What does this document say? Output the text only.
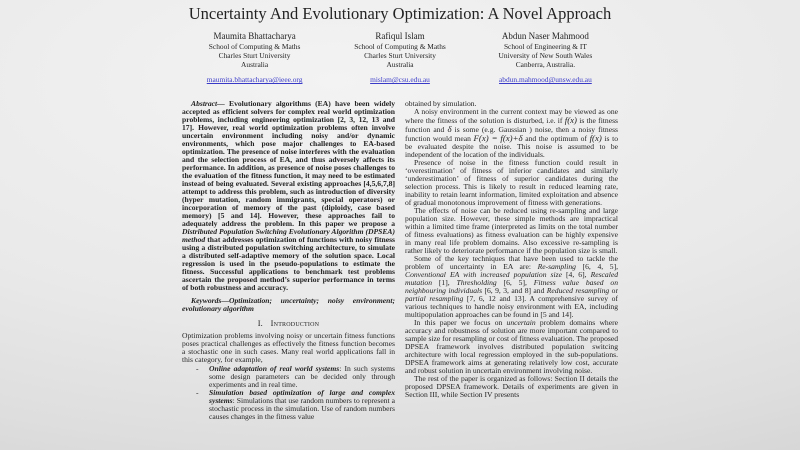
Uncertainty And Evolutionary Optimization: A Novel Approach
Maumita Bhattacharya
School of Computing & Maths
Charles Sturt University
Australia
maumita.bhattacharya@ieee.org
Rafiqul Islam
School of Computing & Maths
Charles Sturt University
Australia
mislam@csu.edu.au
Abdun Naser Mahmood
School of Engineering & IT
University of New South Wales
Canberra, Australia.
abdun.mahmood@unsw.edu.au

Abstract— Evolutionary algorithms (EA) have been widely accepted as efficient solvers for complex real world optimization problems, including engineering optimization [2, 3, 12, 13 and 17]. However, real world optimization problems often involve uncertain environment including noisy and/or dynamic environments, which pose major challenges to EA-based optimization. The presence of noise interferes with the evaluation and the selection process of EA, and thus adversely affects its performance. In addition, as presence of noise poses challenges to the evaluation of the fitness function, it may need to be estimated instead of being evaluated. Several existing approaches [4,5,6,7,8] attempt to address this problem, such as introduction of diversity (hyper mutation, random immigrants, special operators) or incorporation of memory of the past (diploidy, case based memory) [5 and 14]. However, these approaches fail to adequately address the problem. In this paper we propose a Distributed Population Switching Evolutionary Algorithm (DPSEA) method that addresses optimization of functions with noisy fitness using a distributed population switching architecture, to simulate a distributed self-adaptive memory of the solution space. Local regression is used in the pseudo-populations to estimate the fitness. Successful applications to benchmark test problems ascertain the proposed method’s superior performance in terms of both robustness and accuracy.

Keywords—Optimization; uncertainty; noisy environment; evolutionary algorithm

I. Introduction

Optimization problems involving noisy or uncertain fitness functions poses practical challenges as effectively the fitness function becomes a stochastic one in such cases. Many real world applications fall in this category, for example,

- Online adaptation of real world systems: In such systems some design parameters can be decided only through experiments and in real time.
- Simulation based optimization of large and complex systems: Simulations that use random numbers to represent a stochastic process in the simulation. Use of random numbers causes changes in the fitness value

obtained by simulation.

A noisy environment in the current context may be viewed as one where the fitness of the solution is disturbed, i.e. if f(x) is the fitness function and δ is some (e.g. Gaussian ) noise, then a noisy fitness function would mean F(x) = f(x)+δ and the optimum of f(x) is to be evaluated despite the noise. This noise is assumed to be independent of the location of the individuals.

Presence of noise in the fitness function could result in ‘overestimation’ of fitness of inferior candidates and similarly ‘underestimation’ of fitness of superior candidates during the selection process. This is likely to result in reduced learning rate, inability to retain learnt information, limited exploitation and absence of gradual monotonous improvement of fitness with generations.

The effects of noise can be reduced using re-sampling and large population size. However, these simple methods are impractical within a limited time frame (interpreted as limits on the total number of fitness evaluations) as fitness evaluation can be highly expensive in many real life problem domains. Also excessive re-sampling is rather likely to deteriorate performance if the population size is small.

Some of the key techniques that have been used to tackle the problem of uncertainty in EA are: Re-sampling [6, 4, 5], Conventional EA with increased population size [4, 6], Rescaled mutation [1], Thresholding [6, 5], Fitness value based on neighbouring individuals [6, 9, 3, and 8] and Reduced resampling or partial resampling [7, 6, 12 and 13]. A comprehensive survey of various techniques to handle noisy environment with EA, including multipopulation approaches can be found in [5 and 14].

In this paper we focus on uncertain problem domains where accuracy and robustness of solution are more important compared to sample size for resampling or cost of fitness evaluation. The proposed DPSEA framework involves distributed population switcing architecture with local regression employed in the sub-populations. DPSEA framework aims at generating relatively low cost, accurate and robust solution in uncertain environment involving noise.

The rest of the paper is organized as follows: Section II details the proposed DPSEA framework. Details of experiments are given in Section III, while Section IV presents
